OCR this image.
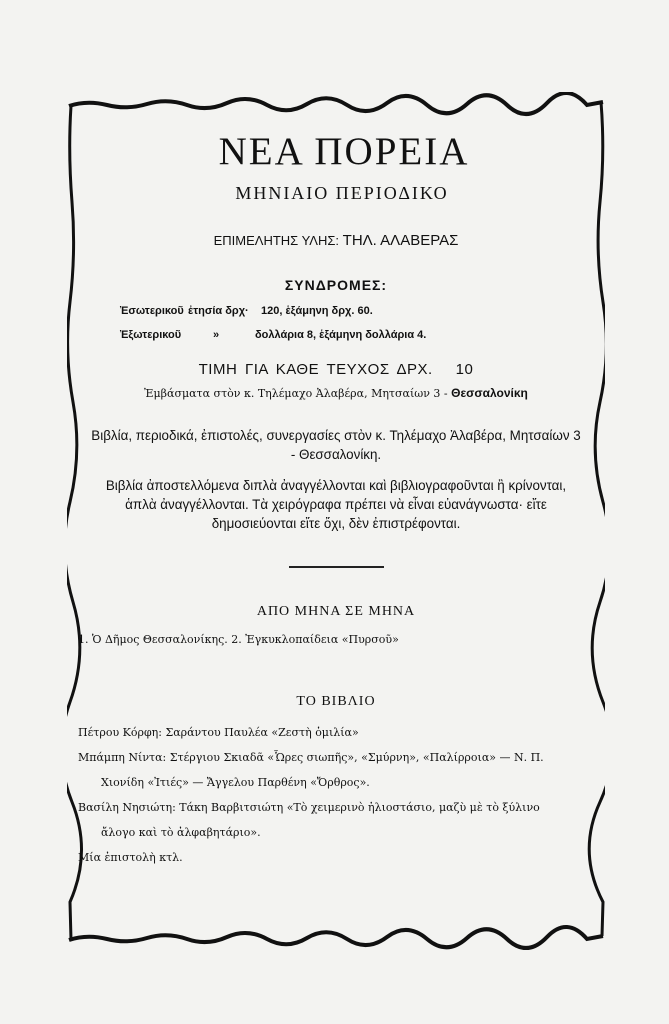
ΝΕΑ ΠΟΡΕΙΑ
ΜΗΝΙΑΙΟ ΠΕΡΙΟΔΙΚΟ
ΕΠΙΜΕΛΗΤΗΣ ΥΛΗΣ: ΤΗΛ. ΑΛΑΒΕΡΑΣ
ΣΥΝΔΡΟΜΕΣ:
Ἐσωτερικοῦ ἐτησία δρχ·	120, ἑξάμηνη δρχ. 60.
Ἐξωτερικοῦ	»	δολλάρια 8, ἑξάμηνη δολλάρια 4.
ΤΙΜΗ ΓΙΑ ΚΑΘΕ ΤΕΥΧΟΣ ΔΡΧ.   10
Ἐμβάσματα στὸν κ. Τηλέμαχο Ἀλαβέρα, Μητσαίων 3 - Θεσσαλονίκη
Βιβλία, περιοδικά, ἐπιστολές, συνεργασίες στὸν κ. Τηλέμαχο Ἀλαβέρα, Μητσαίων 3 - Θεσσαλονίκη.
Βιβλία ἀποστελλόμενα διπλὰ ἀναγγέλλονται καὶ βιβλιογραφοῦνται ἢ κρίνονται, ἁπλὰ ἀναγγέλλονται. Τὰ χειρόγραφα πρέπει νὰ εἶναι εὐανάγνωστα· εἴτε δημοσιεύονται εἴτε ὄχι, δὲν ἐπιστρέφονται.
ΑΠΟ ΜΗΝΑ ΣΕ ΜΗΝΑ
1. Ὁ Δῆμος Θεσσαλονίκης. 2. Ἐγκυκλοπαίδεια «Πυρσοῦ»
ΤΟ ΒΙΒΛΙΟ
Πέτρου Κόρφη: Σαράντου Παυλέα «Ζεστὴ ὁμιλία»
Μπάμπη Νίντα: Στέργιου Σκιαδᾶ «Ὧρες σιωπῆς», «Σμύρνη», «Παλίρροια» — Ν. Π.
Χιονίδη «Ἰτιές» — Ἄγγελου Παρθένη «Ὄρθρος».
Βασίλη Νησιώτη: Τάκη Βαρβιτσιώτη «Τὸ χειμερινὸ ἡλιοστάσιο, μαζὺ μὲ τὸ ξύλινο
ἄλογο καὶ τὸ ἀλφαβητάριο».
Μία ἐπιστολὴ κτλ.
